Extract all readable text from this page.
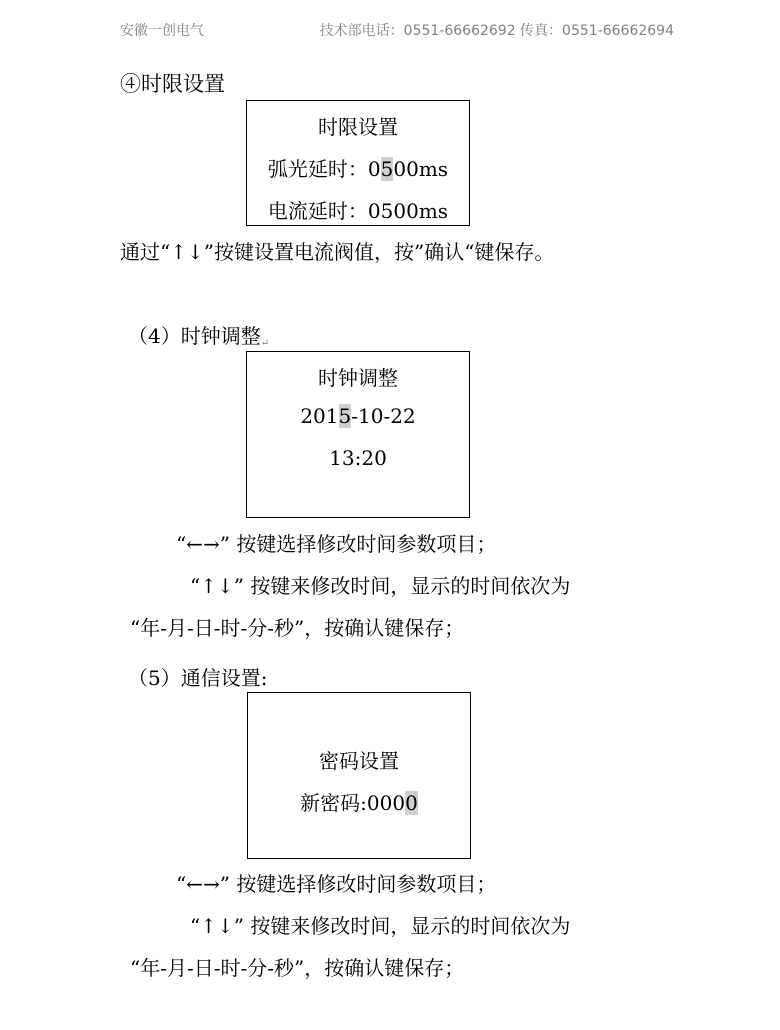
安徽一创电气	技术部电话：0551-66662692 传真：0551-66662694
④时限设置
时限设置
弧光延时：0500ms
电流延时：0500ms
通过“↑↓”按键设置电流阀值，按”确认“键保存。
（4）时钟调整↵
时钟调整
2015-10-22
13:20
“←→” 按键选择修改时间参数项目；
“↑↓” 按键来修改时间，显示的时间依次为
“年-月-日-时-分-秒”，按确认键保存；
（5）通信设置:
密码设置
新密码:0000
“←→” 按键选择修改时间参数项目；
“↑↓” 按键来修改时间，显示的时间依次为
“年-月-日-时-分-秒”，按确认键保存；
